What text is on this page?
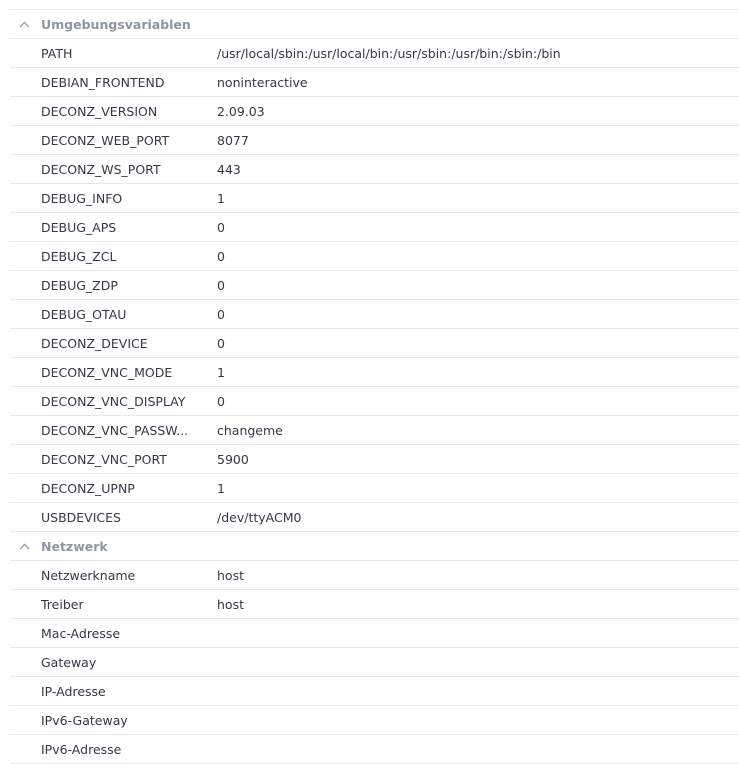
Umgebungsvariablen
PATH	/usr/local/sbin:/usr/local/bin:/usr/sbin:/usr/bin:/sbin:/bin
DEBIAN_FRONTEND	noninteractive
DECONZ_VERSION	2.09.03
DECONZ_WEB_PORT	8077
DECONZ_WS_PORT	443
DEBUG_INFO	1
DEBUG_APS	0
DEBUG_ZCL	0
DEBUG_ZDP	0
DEBUG_OTAU	0
DECONZ_DEVICE	0
DECONZ_VNC_MODE	1
DECONZ_VNC_DISPLAY	0
DECONZ_VNC_PASSW...	changeme
DECONZ_VNC_PORT	5900
DECONZ_UPNP	1
USBDEVICES	/dev/ttyACM0
Netzwerk
Netzwerkname	host
Treiber	host
Mac-Adresse
Gateway
IP-Adresse
IPv6-Gateway
IPv6-Adresse
